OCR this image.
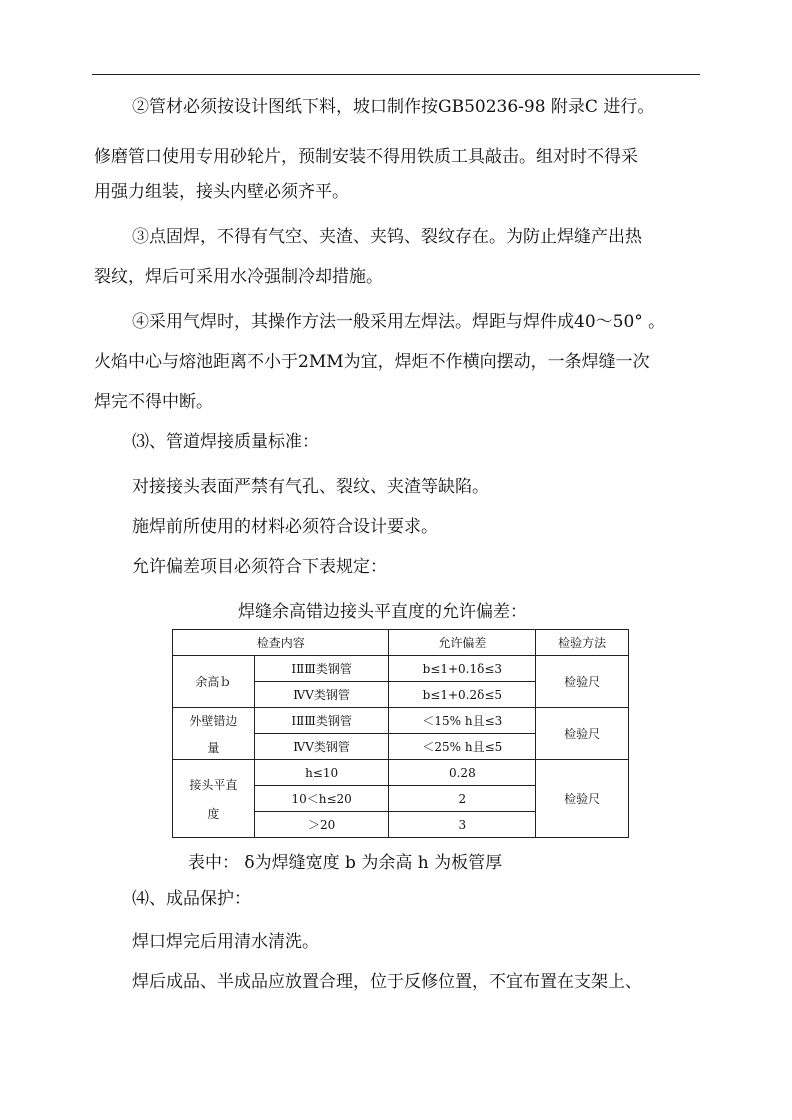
②管材必须按设计图纸下料，坡口制作按GB50236-98 附录C 进行。
修磨管口使用专用砂轮片，预制安装不得用铁质工具敲击。组对时不得采
用强力组装，接头内壁必须齐平。
③点固焊，不得有气空、夹渣、夹钨、裂纹存在。为防止焊缝产出热
裂纹，焊后可采用水冷强制冷却措施。
④采用气焊时，其操作方法一般采用左焊法。焊距与焊件成40～50° 。
火焰中心与熔池距离不小于2MM为宜，焊炬不作横向摆动，一条焊缝一次
焊完不得中断。
⑶、管道焊接质量标准：
对接接头表面严禁有气孔、裂纹、夹渣等缺陷。
施焊前所使用的材料必须符合设计要求。
允许偏差项目必须符合下表规定：
焊缝余高错边接头平直度的允许偏差：
检查内容		允许偏差	检验方法
余高ｂ	ⅠⅡⅢ类钢管	b≤1+0.1δ≤3	检验尺
	ⅣⅤ类钢管	b≤1+0.2δ≤5	

外壁错边
量	ⅠⅡⅢ类钢管	＜15% h且≤3	检验尺
	ⅣⅤ类钢管	＜25% h且≤5	

接头平直
度	h≤10	0.28	检验尺
	10＜h≤20	2	
	＞20	3	
表中： δ为焊缝宽度 b 为余高 h 为板管厚
⑷、成品保护：
焊口焊完后用清水清洗。
焊后成品、半成品应放置合理，位于反修位置，不宜布置在支架上、
